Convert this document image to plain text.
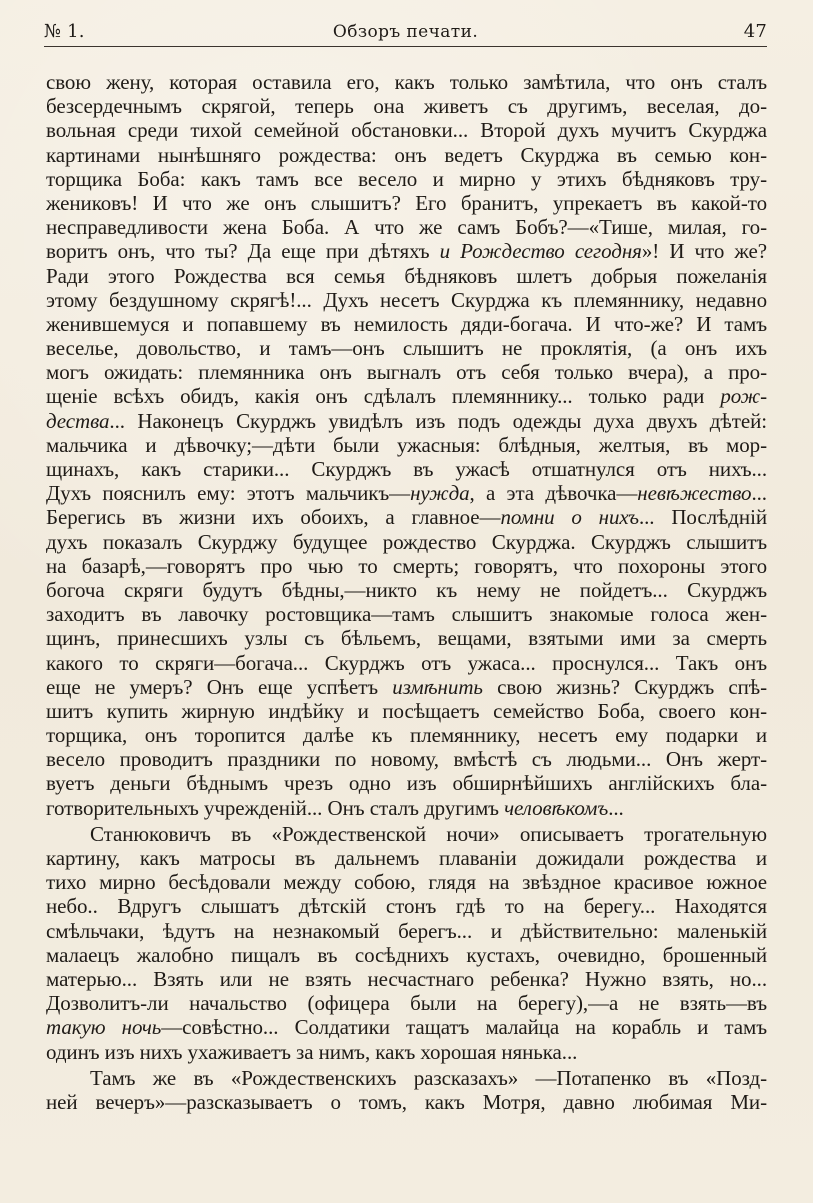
№ 1.	Обзоръ печати.	47
свою жену, которая оставила его, какъ только замѣтила, что онъ сталъ
безсердечнымъ скрягой, теперь она живетъ съ другимъ, веселая, до-
вольная среди тихой семейной обстановки... Второй духъ мучитъ Скурджа
картинами нынѣшняго рождества: онъ ведетъ Скурджа въ семью кон-
торщика Боба: какъ тамъ все весело и мирно у этихъ бѣдняковъ тру-
жениковъ! И что же онъ слышитъ? Его бранитъ, упрекаетъ въ какой-то
несправедливости жена Боба. А что же самъ Бобъ?—«Тише, милая, го-
воритъ онъ, что ты? Да еще при дѣтяхъ и Рождество сегодня»! И что же?
Ради этого Рождества вся семья бѣдняковъ шлетъ добрыя пожеланія
этому бездушному скрягѣ!... Духъ несетъ Скурджа къ племяннику, недавно
женившемуся и попавшему въ немилость дяди-богача. И что-же? И тамъ
веселье, довольство, и тамъ—онъ слышитъ не проклятія, (а онъ ихъ
могъ ожидать: племянника онъ выгналъ отъ себя только вчера), а про-
щеніе всѣхъ обидъ, какія онъ сдѣлалъ племяннику... только ради рож-
дества... Наконецъ Скурджъ увидѣлъ изъ подъ одежды духа двухъ дѣтей:
мальчика и дѣвочку;—дѣти были ужасныя: блѣдныя, желтыя, въ мор-
щинахъ, какъ старики... Скурджъ въ ужасѣ отшатнулся отъ нихъ...
Духъ пояснилъ ему: этотъ мальчикъ—нужда, а эта дѣвочка—невѣжество...
Берегись въ жизни ихъ обоихъ, а главное—помни о нихъ... Послѣдній
духъ показалъ Скурджу будущее рождество Скурджа. Скурджъ слышитъ
на базарѣ,—говорятъ про чью то смерть; говорятъ, что похороны этого
богоча скряги будутъ бѣдны,—никто къ нему не пойдетъ... Скурджъ
заходитъ въ лавочку ростовщика—тамъ слышитъ знакомые голоса жен-
щинъ, принесшихъ узлы съ бѣльемъ, вещами, взятыми ими за смерть
какого то скряги—богача... Скурджъ отъ ужаса... проснулся... Такъ онъ
еще не умеръ? Онъ еще успѣетъ измѣнить свою жизнь? Скурджъ спѣ-
шитъ купить жирную индѣйку и посѣщаетъ семейство Боба, своего кон-
торщика, онъ торопится далѣе къ племяннику, несетъ ему подарки и
весело проводитъ праздники по новому, вмѣстѣ съ людьми... Онъ жерт-
вуетъ деньги бѣднымъ чрезъ одно изъ обширнѣйшихъ англійскихъ бла-
готворительныхъ учрежденій... Онъ сталъ другимъ человѣкомъ...
Станюковичъ въ «Рождественской ночи» описываетъ трогательную
картину, какъ матросы въ дальнемъ плаваніи дожидали рождества и
тихо мирно бесѣдовали между собою, глядя на звѣздное красивое южное
небо.. Вдругъ слышатъ дѣтскій стонъ гдѣ то на берегу... Находятся
смѣльчаки, ѣдутъ на незнакомый берегъ... и дѣйствительно: маленькій
малаецъ жалобно пищалъ въ сосѣднихъ кустахъ, очевидно, брошенный
матерью... Взять или не взять несчастнаго ребенка? Нужно взять, но...
Дозволитъ-ли начальство (офицера были на берегу),—а не взять—въ
такую ночь—совѣстно... Солдатики тащатъ малайца на корабль и тамъ
одинъ изъ нихъ ухаживаетъ за нимъ, какъ хорошая нянька...
Тамъ же въ «Рождественскихъ разсказахъ» —Потапенко въ «Позд-
ней вечеръ»—разсказываетъ о томъ, какъ Мотря, давно любимая Ми-
